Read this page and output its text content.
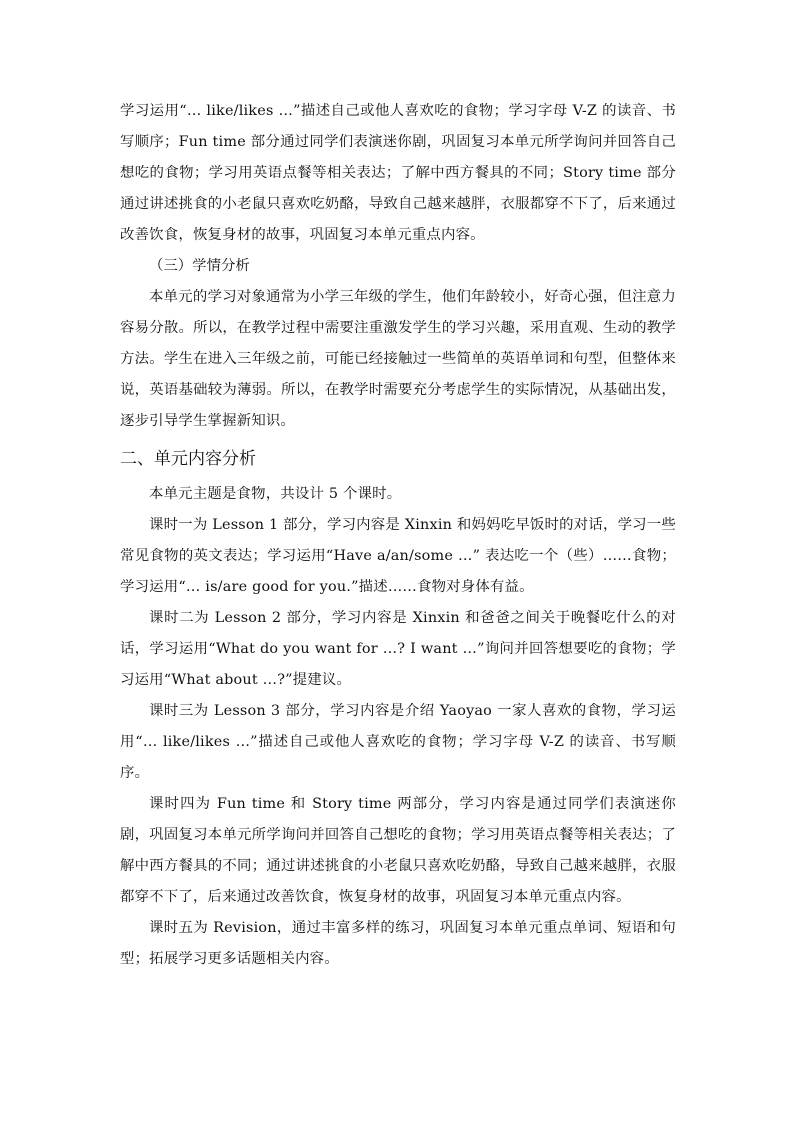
学习运用“… like/likes …”描述自己或他人喜欢吃的食物；学习字母 V-Z 的读音、书写顺序；Fun time 部分通过同学们表演迷你剧，巩固复习本单元所学询问并回答自己想吃的食物；学习用英语点餐等相关表达；了解中西方餐具的不同；Story time 部分通过讲述挑食的小老鼠只喜欢吃奶酪，导致自己越来越胖，衣服都穿不下了，后来通过改善饮食，恢复身材的故事，巩固复习本单元重点内容。

（三）学情分析

本单元的学习对象通常为小学三年级的学生，他们年龄较小，好奇心强，但注意力容易分散。所以，在教学过程中需要注重激发学生的学习兴趣，采用直观、生动的教学方法。学生在进入三年级之前，可能已经接触过一些简单的英语单词和句型，但整体来说，英语基础较为薄弱。所以，在教学时需要充分考虑学生的实际情况，从基础出发，逐步引导学生掌握新知识。

二、单元内容分析

本单元主题是食物，共设计 5 个课时。

课时一为 Lesson 1 部分，学习内容是 Xinxin 和妈妈吃早饭时的对话，学习一些常见食物的英文表达；学习运用“Have a/an/some …” 表达吃一个（些）……食物；学习运用“… is/are good for you.”描述……食物对身体有益。

课时二为 Lesson 2 部分，学习内容是 Xinxin 和爸爸之间关于晚餐吃什么的对话，学习运用“What do you want for …? I want …”询问并回答想要吃的食物；学习运用“What about …?”提建议。

课时三为 Lesson 3 部分，学习内容是介绍 Yaoyao 一家人喜欢的食物，学习运用“… like/likes …”描述自己或他人喜欢吃的食物；学习字母 V-Z 的读音、书写顺序。

课时四为 Fun time 和 Story time 两部分，学习内容是通过同学们表演迷你剧，巩固复习本单元所学询问并回答自己想吃的食物；学习用英语点餐等相关表达；了解中西方餐具的不同；通过讲述挑食的小老鼠只喜欢吃奶酪，导致自己越来越胖，衣服都穿不下了，后来通过改善饮食，恢复身材的故事，巩固复习本单元重点内容。

课时五为 Revision，通过丰富多样的练习，巩固复习本单元重点单词、短语和句型；拓展学习更多话题相关内容。
